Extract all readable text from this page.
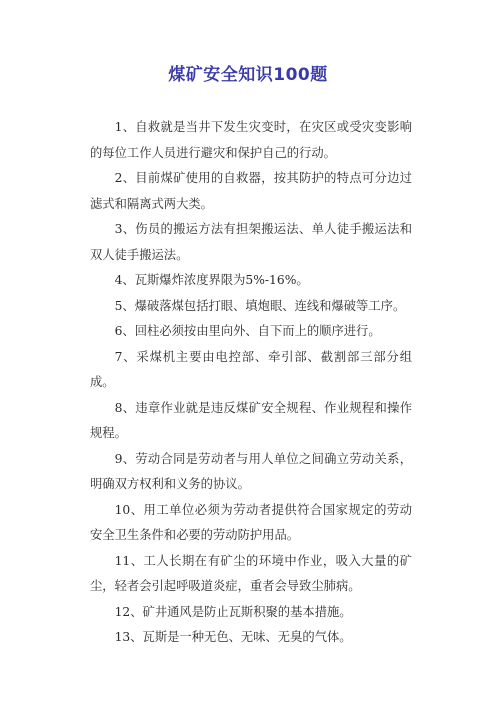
煤矿安全知识100题

1、自救就是当井下发生灾变时，在灾区或受灾变影响的每位工作人员进行避灾和保护自己的行动。

2、目前煤矿使用的自救器，按其防护的特点可分边过滤式和隔离式两大类。

3、伤员的搬运方法有担架搬运法、单人徒手搬运法和双人徒手搬运法。

4、瓦斯爆炸浓度界限为5%-16%。

5、爆破落煤包括打眼、填炮眼、连线和爆破等工序。

6、回柱必须按由里向外、自下而上的顺序进行。

7、采煤机主要由电控部、牵引部、截割部三部分组成。

8、违章作业就是违反煤矿安全规程、作业规程和操作规程。

9、劳动合同是劳动者与用人单位之间确立劳动关系，明确双方权利和义务的协议。

10、用工单位必须为劳动者提供符合国家规定的劳动安全卫生条件和必要的劳动防护用品。

11、工人长期在有矿尘的环境中作业，吸入大量的矿尘，轻者会引起呼吸道炎症，重者会导致尘肺病。

12、矿井通风是防止瓦斯积聚的基本措施。

13、瓦斯是一种无色、无味、无臭的气体。
